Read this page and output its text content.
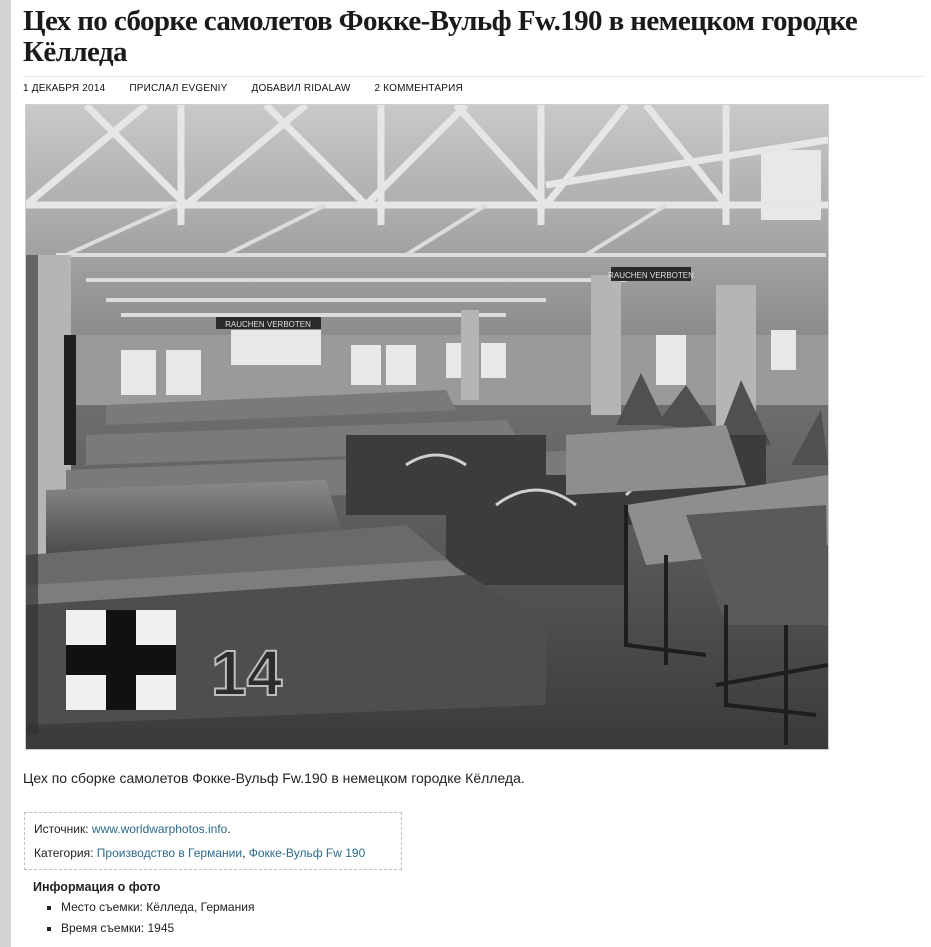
Цех по сборке самолетов Фокке-Вульф Fw.190 в немецком городке Кёлледа
1 ДЕКАБРЯ 2014 ПРИСЛАЛ EVGENIY ДОБАВИЛ RIDALAW 2 КОММЕНТАРИЯ
RAUCHEN VERBOTEN
RAUCHEN VERBOTEN
14
Цех по сборке самолетов Фокке-Вульф Fw.190 в немецком городке Кёлледа.
Источник: www.worldwarphotos.info.
Категория: Производство в Германии, Фокке-Вульф Fw 190
Информация о фото
▪ Место съемки: Кёлледа, Германия
▪ Время съемки: 1945
